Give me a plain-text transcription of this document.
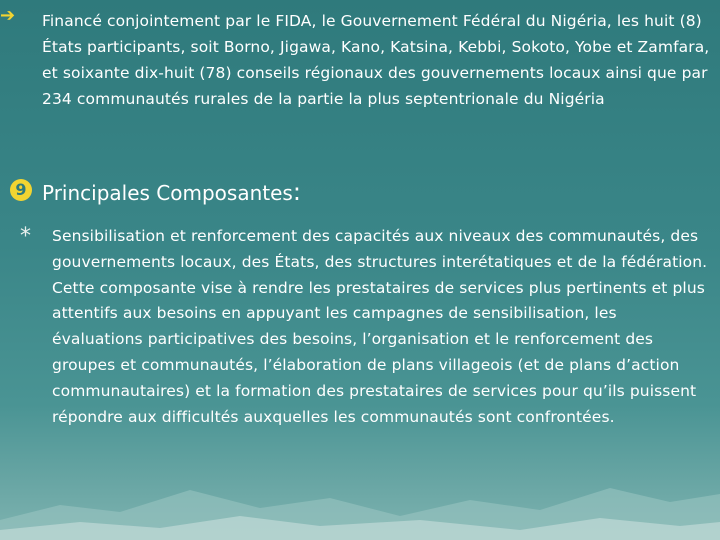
➔	Financé conjointement par le FIDA, le Gouvernement Fédéral du Nigéria, les huit (8) États participants, soit Borno, Jigawa, Kano, Katsina, Kebbi, Sokoto, Yobe et Zamfara, et soixante dix-huit (78) conseils régionaux des gouvernements locaux ainsi que par 234 communautés rurales de la partie la plus septentrionale du Nigéria
9 Principales Composantes:
* Sensibilisation et renforcement des capacités aux niveaux des communautés, des gouvernements locaux, des États, des structures interétatiques et de la fédération. Cette composante vise à rendre les prestataires de services plus pertinents et plus attentifs aux besoins en appuyant les campagnes de sensibilisation, les évaluations participatives des besoins, l’organisation et le renforcement des groupes et communautés, l’élaboration de plans villageois (et de plans d’action communautaires) et la formation des prestataires de services pour qu’ils puissent répondre aux difficultés auxquelles les communautés sont confrontées.
